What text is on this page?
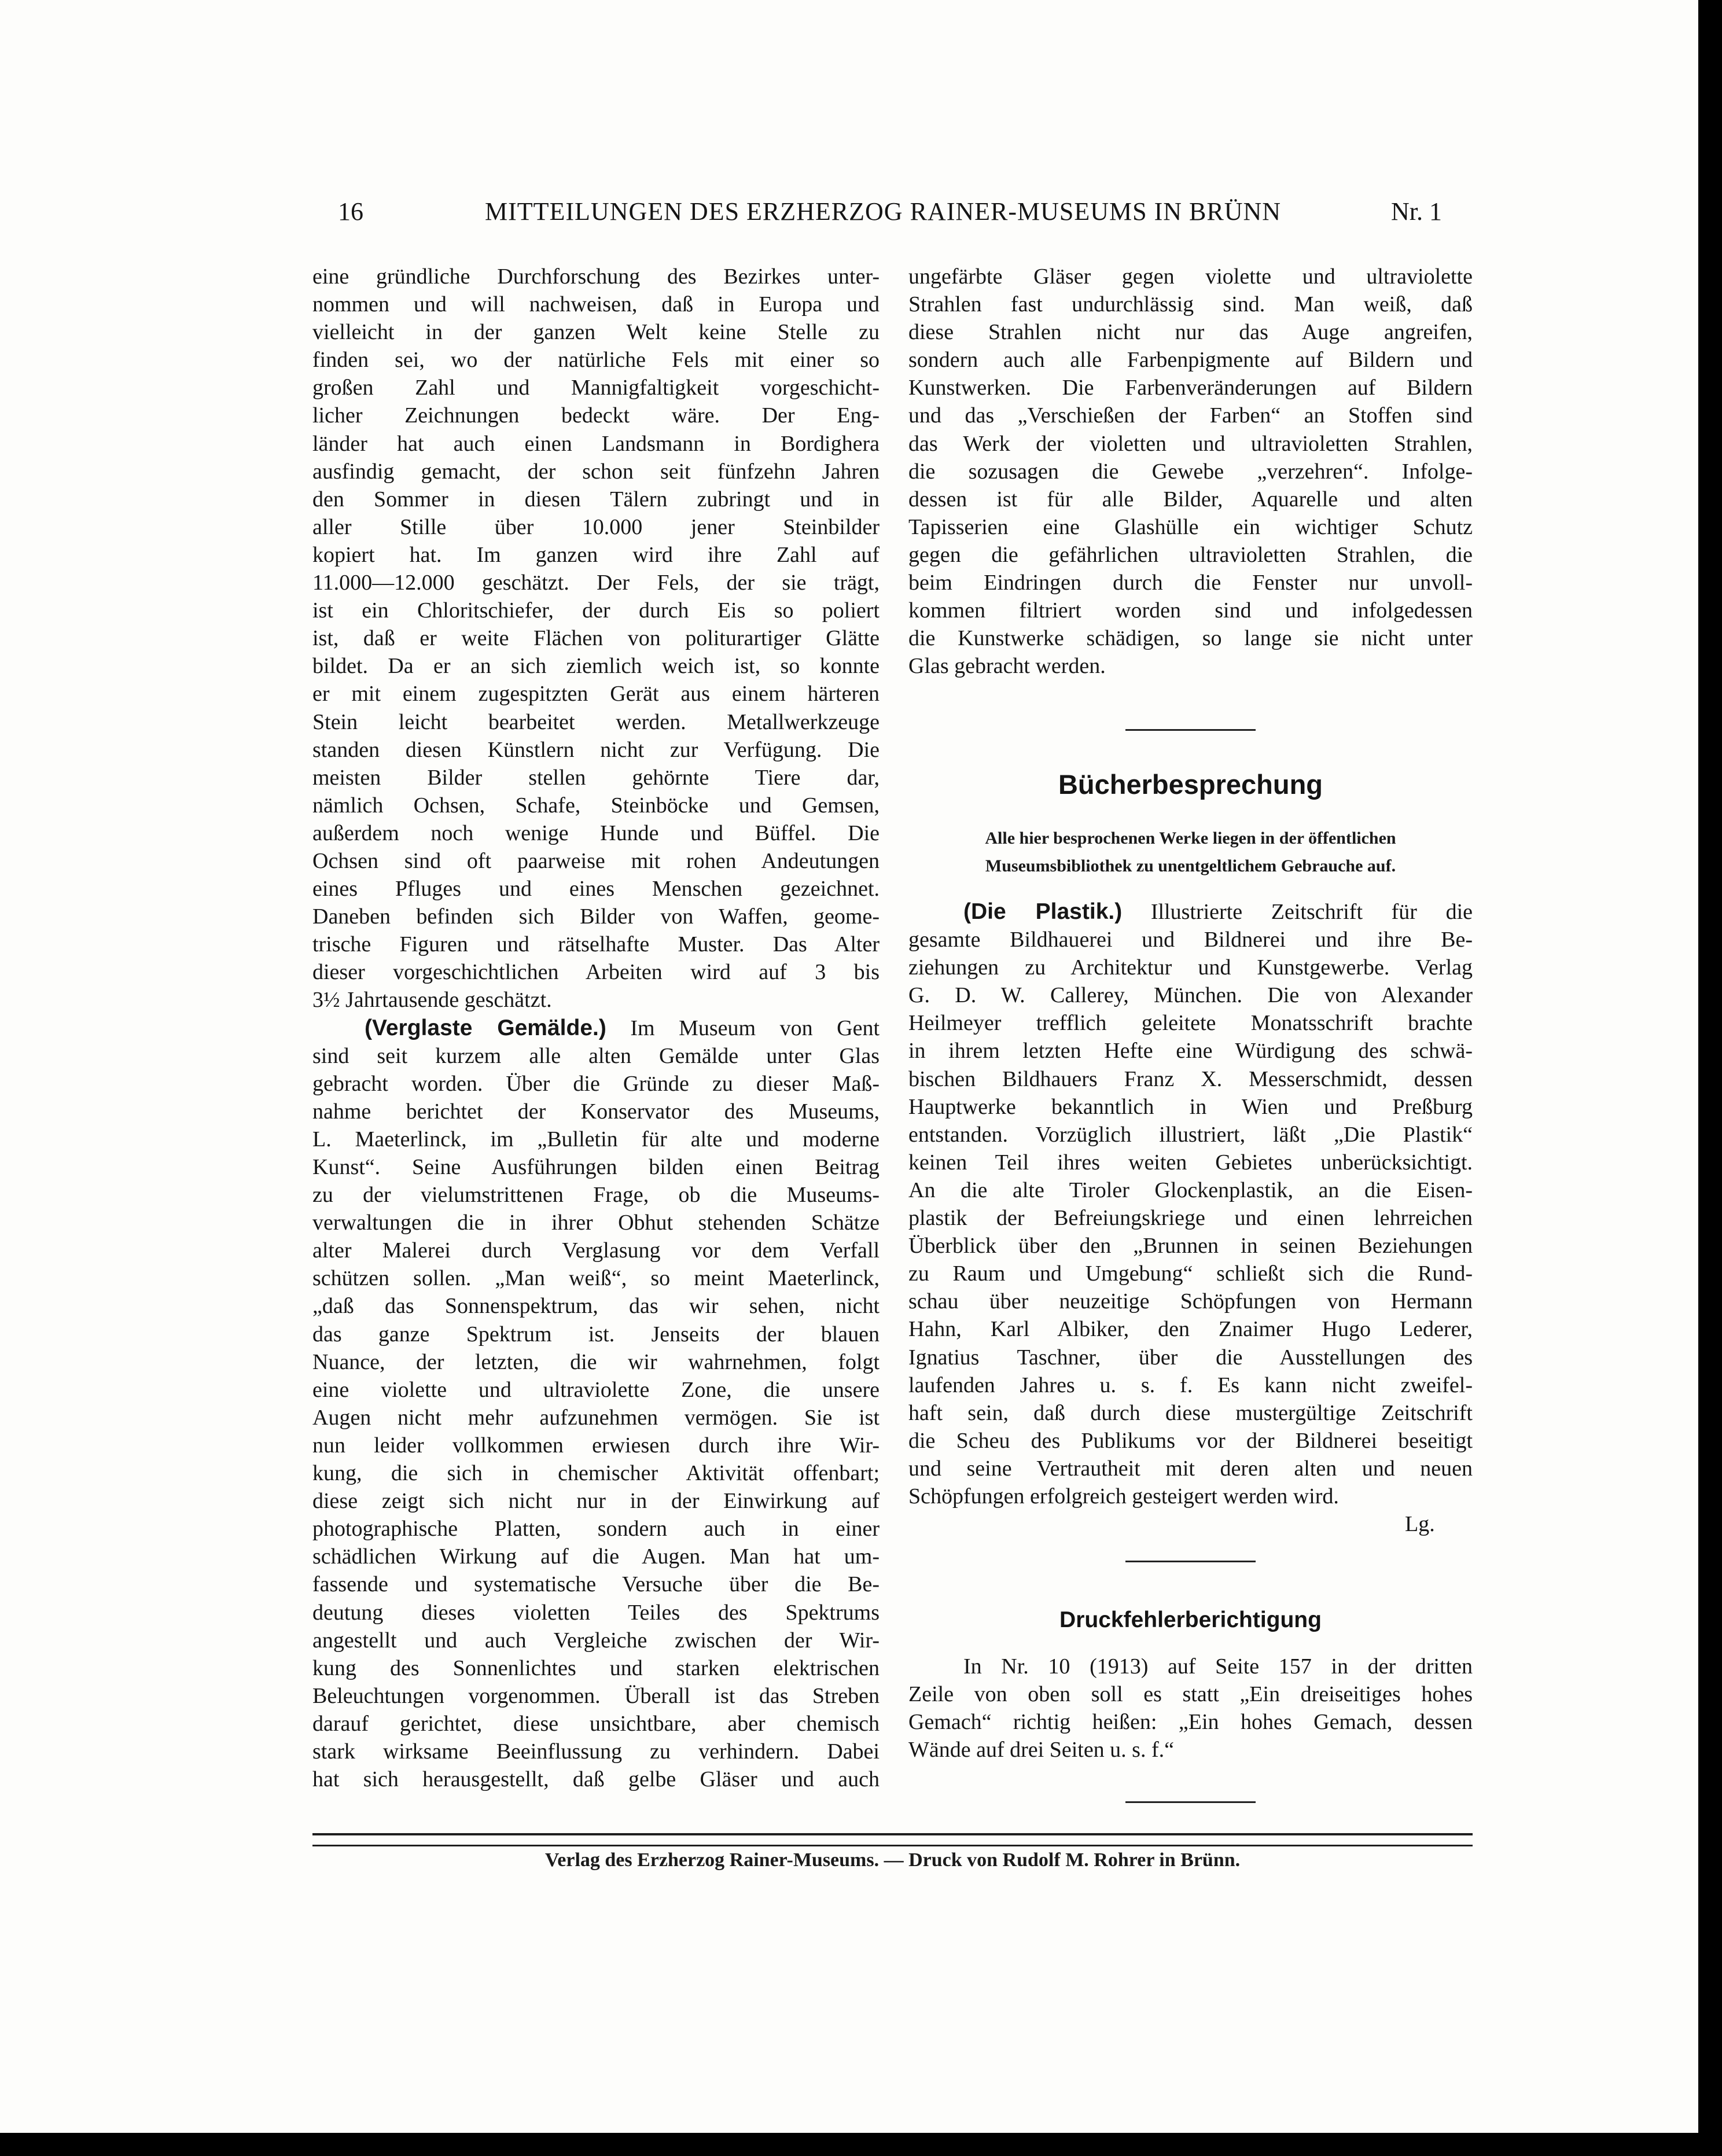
16	MITTEILUNGEN DES ERZHERZOG RAINER-MUSEUMS IN BRÜNN	Nr. 1
eine gründliche Durchforschung des Bezirkes unter-
nommen und will nachweisen, daß in Europa und
vielleicht in der ganzen Welt keine Stelle zu
finden sei, wo der natürliche Fels mit einer so
großen Zahl und Mannigfaltigkeit vorgeschicht-
licher Zeichnungen bedeckt wäre. Der Eng-
länder hat auch einen Landsmann in Bordighera
ausfindig gemacht, der schon seit fünfzehn Jahren
den Sommer in diesen Tälern zubringt und in
aller Stille über 10.000 jener Steinbilder
kopiert hat. Im ganzen wird ihre Zahl auf
11.000—12.000 geschätzt. Der Fels, der sie trägt,
ist ein Chloritschiefer, der durch Eis so poliert
ist, daß er weite Flächen von politurartiger Glätte
bildet. Da er an sich ziemlich weich ist, so konnte
er mit einem zugespitzten Gerät aus einem härteren
Stein leicht bearbeitet werden. Metallwerkzeuge
standen diesen Künstlern nicht zur Verfügung. Die
meisten Bilder stellen gehörnte Tiere dar,
nämlich Ochsen, Schafe, Steinböcke und Gemsen,
außerdem noch wenige Hunde und Büffel. Die
Ochsen sind oft paarweise mit rohen Andeutungen
eines Pfluges und eines Menschen gezeichnet.
Daneben befinden sich Bilder von Waffen, geome-
trische Figuren und rätselhafte Muster. Das Alter
dieser vorgeschichtlichen Arbeiten wird auf 3 bis
3½ Jahrtausende geschätzt.
(Verglaste Gemälde.) Im Museum von Gent
sind seit kurzem alle alten Gemälde unter Glas
gebracht worden. Über die Gründe zu dieser Maß-
nahme berichtet der Konservator des Museums,
L. Maeterlinck, im „Bulletin für alte und moderne
Kunst“. Seine Ausführungen bilden einen Beitrag
zu der vielumstrittenen Frage, ob die Museums-
verwaltungen die in ihrer Obhut stehenden Schätze
alter Malerei durch Verglasung vor dem Verfall
schützen sollen. „Man weiß“, so meint Maeterlinck,
„daß das Sonnenspektrum, das wir sehen, nicht
das ganze Spektrum ist. Jenseits der blauen
Nuance, der letzten, die wir wahrnehmen, folgt
eine violette und ultraviolette Zone, die unsere
Augen nicht mehr aufzunehmen vermögen. Sie ist
nun leider vollkommen erwiesen durch ihre Wir-
kung, die sich in chemischer Aktivität offenbart;
diese zeigt sich nicht nur in der Einwirkung auf
photographische Platten, sondern auch in einer
schädlichen Wirkung auf die Augen. Man hat um-
fassende und systematische Versuche über die Be-
deutung dieses violetten Teiles des Spektrums
angestellt und auch Vergleiche zwischen der Wir-
kung des Sonnenlichtes und starken elektrischen
Beleuchtungen vorgenommen. Überall ist das Streben
darauf gerichtet, diese unsichtbare, aber chemisch
stark wirksame Beeinflussung zu verhindern. Dabei
hat sich herausgestellt, daß gelbe Gläser und auch
ungefärbte Gläser gegen violette und ultraviolette
Strahlen fast undurchlässig sind. Man weiß, daß
diese Strahlen nicht nur das Auge angreifen,
sondern auch alle Farbenpigmente auf Bildern und
Kunstwerken. Die Farbenveränderungen auf Bildern
und das „Verschießen der Farben“ an Stoffen sind
das Werk der violetten und ultravioletten Strahlen,
die sozusagen die Gewebe „verzehren“. Infolge-
dessen ist für alle Bilder, Aquarelle und alten
Tapisserien eine Glashülle ein wichtiger Schutz
gegen die gefährlichen ultravioletten Strahlen, die
beim Eindringen durch die Fenster nur unvoll-
kommen filtriert worden sind und infolgedessen
die Kunstwerke schädigen, so lange sie nicht unter
Glas gebracht werden.
Bücherbesprechung
Alle hier besprochenen Werke liegen in der öffentlichen
Museumsbibliothek zu unentgeltlichem Gebrauche auf.
(Die Plastik.) Illustrierte Zeitschrift für die
gesamte Bildhauerei und Bildnerei und ihre Be-
ziehungen zu Architektur und Kunstgewerbe. Verlag
G. D. W. Callerey, München. Die von Alexander
Heilmeyer trefflich geleitete Monatsschrift brachte
in ihrem letzten Hefte eine Würdigung des schwä-
bischen Bildhauers Franz X. Messerschmidt, dessen
Hauptwerke bekanntlich in Wien und Preßburg
entstanden. Vorzüglich illustriert, läßt „Die Plastik“
keinen Teil ihres weiten Gebietes unberücksichtigt.
An die alte Tiroler Glockenplastik, an die Eisen-
plastik der Befreiungskriege und einen lehrreichen
Überblick über den „Brunnen in seinen Beziehungen
zu Raum und Umgebung“ schließt sich die Rund-
schau über neuzeitige Schöpfungen von Hermann
Hahn, Karl Albiker, den Znaimer Hugo Lederer,
Ignatius Taschner, über die Ausstellungen des
laufenden Jahres u. s. f. Es kann nicht zweifel-
haft sein, daß durch diese mustergültige Zeitschrift
die Scheu des Publikums vor der Bildnerei beseitigt
und seine Vertrautheit mit deren alten und neuen
Schöpfungen erfolgreich gesteigert werden wird.
Lg.
Druckfehlerberichtigung
In Nr. 10 (1913) auf Seite 157 in der dritten
Zeile von oben soll es statt „Ein dreiseitiges hohes
Gemach“ richtig heißen: „Ein hohes Gemach, dessen
Wände auf drei Seiten u. s. f.“
Verlag des Erzherzog Rainer-Museums. — Druck von Rudolf M. Rohrer in Brünn.
